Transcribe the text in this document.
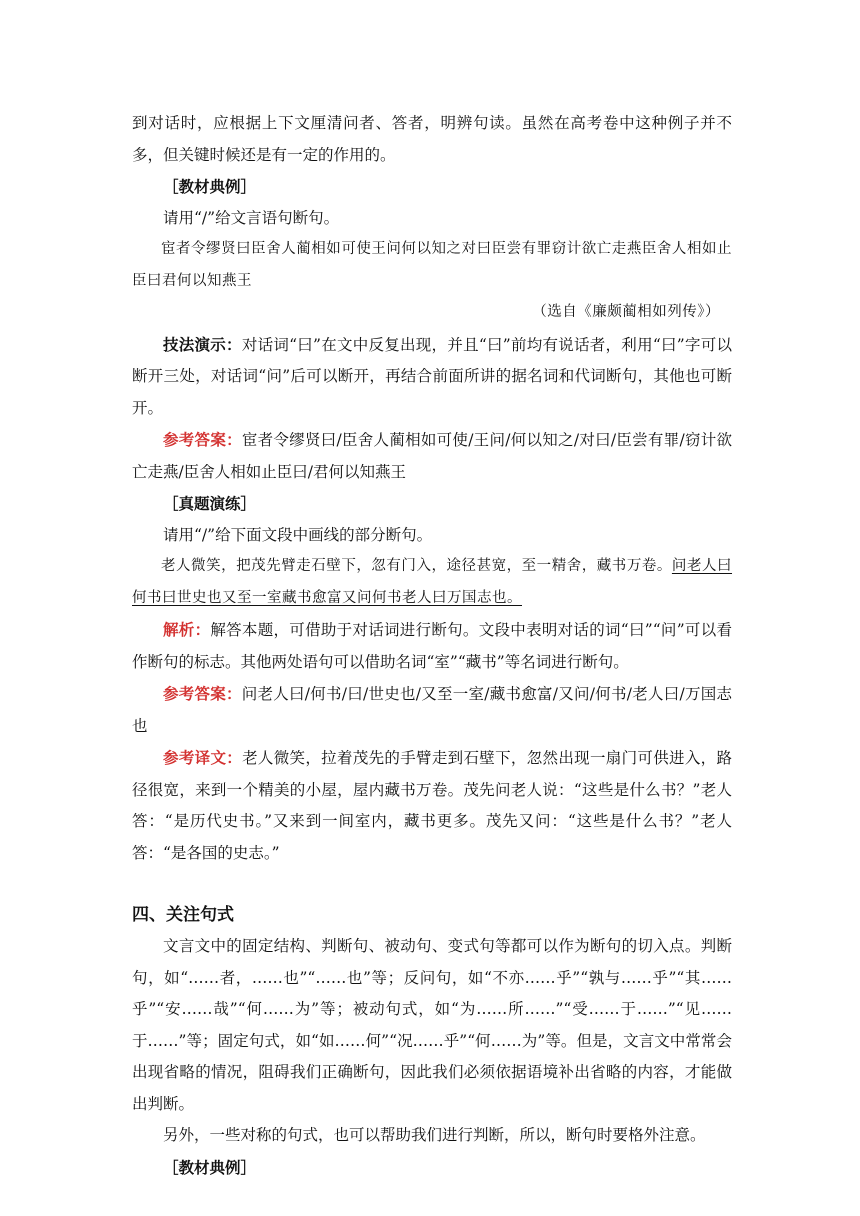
到对话时，应根据上下文厘清问者、答者，明辨句读。虽然在高考卷中这种例子并不多，但关键时候还是有一定的作用的。

［教材典例］

请用“/”给文言语句断句。

宦者令缪贤曰臣舍人蔺相如可使王问何以知之对曰臣尝有罪窃计欲亡走燕臣舍人相如止臣曰君何以知燕王

（选自《廉颇蔺相如列传》）

技法演示：对话词“曰”在文中反复出现，并且“曰”前均有说话者，利用“曰”字可以断开三处，对话词“问”后可以断开，再结合前面所讲的据名词和代词断句，其他也可断开。

参考答案：宦者令缪贤曰/臣舍人蔺相如可使/王问/何以知之/对曰/臣尝有罪/窃计欲亡走燕/臣舍人相如止臣曰/君何以知燕王

［真题演练］

请用“/”给下面文段中画线的部分断句。

老人微笑，把茂先臂走石壁下，忽有门入，途径甚宽，至一精舍，藏书万卷。问老人曰何书曰世史也又至一室藏书愈富又问何书老人曰万国志也。

解析：解答本题，可借助于对话词进行断句。文段中表明对话的词“曰”“问”可以看作断句的标志。其他两处语句可以借助名词“室”“藏书”等名词进行断句。

参考答案：问老人曰/何书/曰/世史也/又至一室/藏书愈富/又问/何书/老人曰/万国志也

参考译文：老人微笑，拉着茂先的手臂走到石壁下，忽然出现一扇门可供进入，路径很宽，来到一个精美的小屋，屋内藏书万卷。茂先问老人说：“这些是什么书？”老人答：“是历代史书。”又来到一间室内，藏书更多。茂先又问：“这些是什么书？”老人答：“是各国的史志。”

四、关注句式

文言文中的固定结构、判断句、被动句、变式句等都可以作为断句的切入点。判断句，如“……者，……也”“……也”等；反问句，如“不亦……乎”“孰与……乎”“其……乎”“安……哉”“何……为”等；被动句式，如“为……所……”“受……于……”“见……于……”等；固定句式，如“如……何”“况……乎”“何……为”等。但是，文言文中常常会出现省略的情况，阻碍我们正确断句，因此我们必须依据语境补出省略的内容，才能做出判断。

另外，一些对称的句式，也可以帮助我们进行判断，所以，断句时要格外注意。

［教材典例］
